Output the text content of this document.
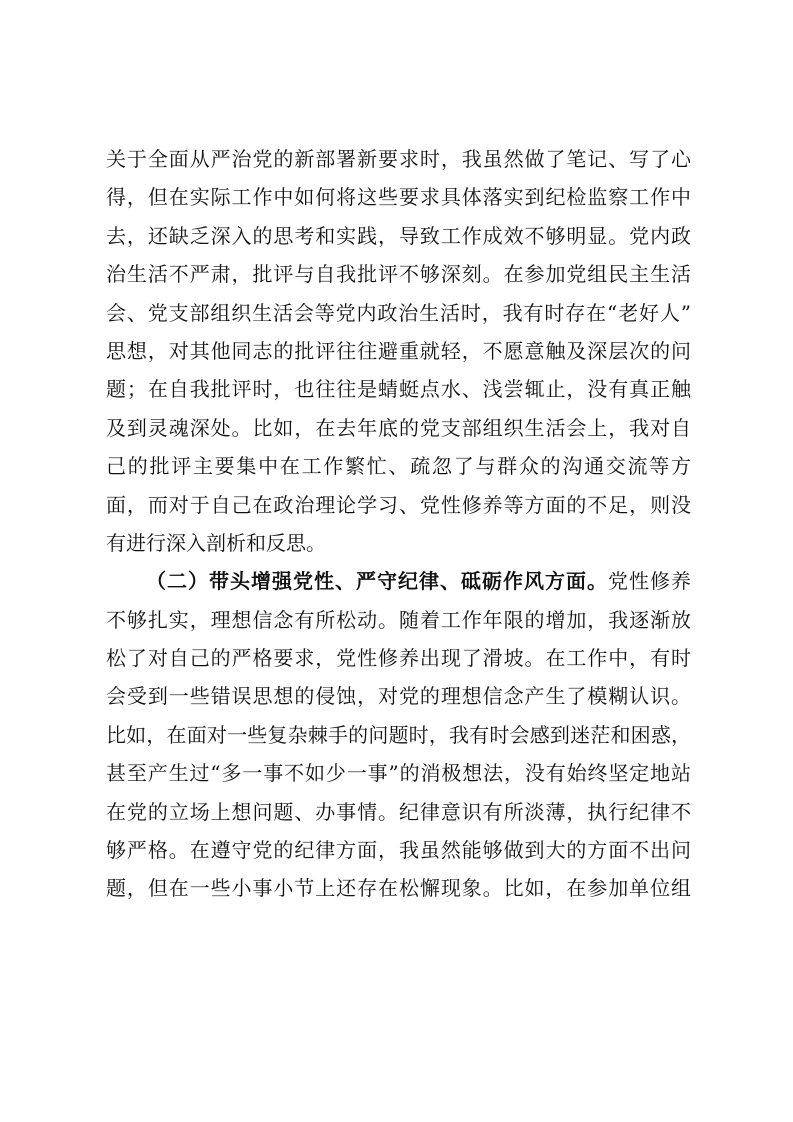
关于全面从严治党的新部署新要求时，我虽然做了笔记、写了心
得，但在实际工作中如何将这些要求具体落实到纪检监察工作中
去，还缺乏深入的思考和实践，导致工作成效不够明显。党内政
治生活不严肃，批评与自我批评不够深刻。在参加党组民主生活
会、党支部组织生活会等党内政治生活时，我有时存在“老好人”
思想，对其他同志的批评往往避重就轻，不愿意触及深层次的问
题；在自我批评时，也往往是蜻蜓点水、浅尝辄止，没有真正触
及到灵魂深处。比如，在去年底的党支部组织生活会上，我对自
己的批评主要集中在工作繁忙、疏忽了与群众的沟通交流等方
面，而对于自己在政治理论学习、党性修养等方面的不足，则没
有进行深入剖析和反思。
（二）带头增强党性、严守纪律、砥砺作风方面。党性修养
不够扎实，理想信念有所松动。随着工作年限的增加，我逐渐放
松了对自己的严格要求，党性修养出现了滑坡。在工作中，有时
会受到一些错误思想的侵蚀，对党的理想信念产生了模糊认识。
比如，在面对一些复杂棘手的问题时，我有时会感到迷茫和困惑，
甚至产生过“多一事不如少一事”的消极想法，没有始终坚定地站
在党的立场上想问题、办事情。纪律意识有所淡薄，执行纪律不
够严格。在遵守党的纪律方面，我虽然能够做到大的方面不出问
题，但在一些小事小节上还存在松懈现象。比如，在参加单位组
